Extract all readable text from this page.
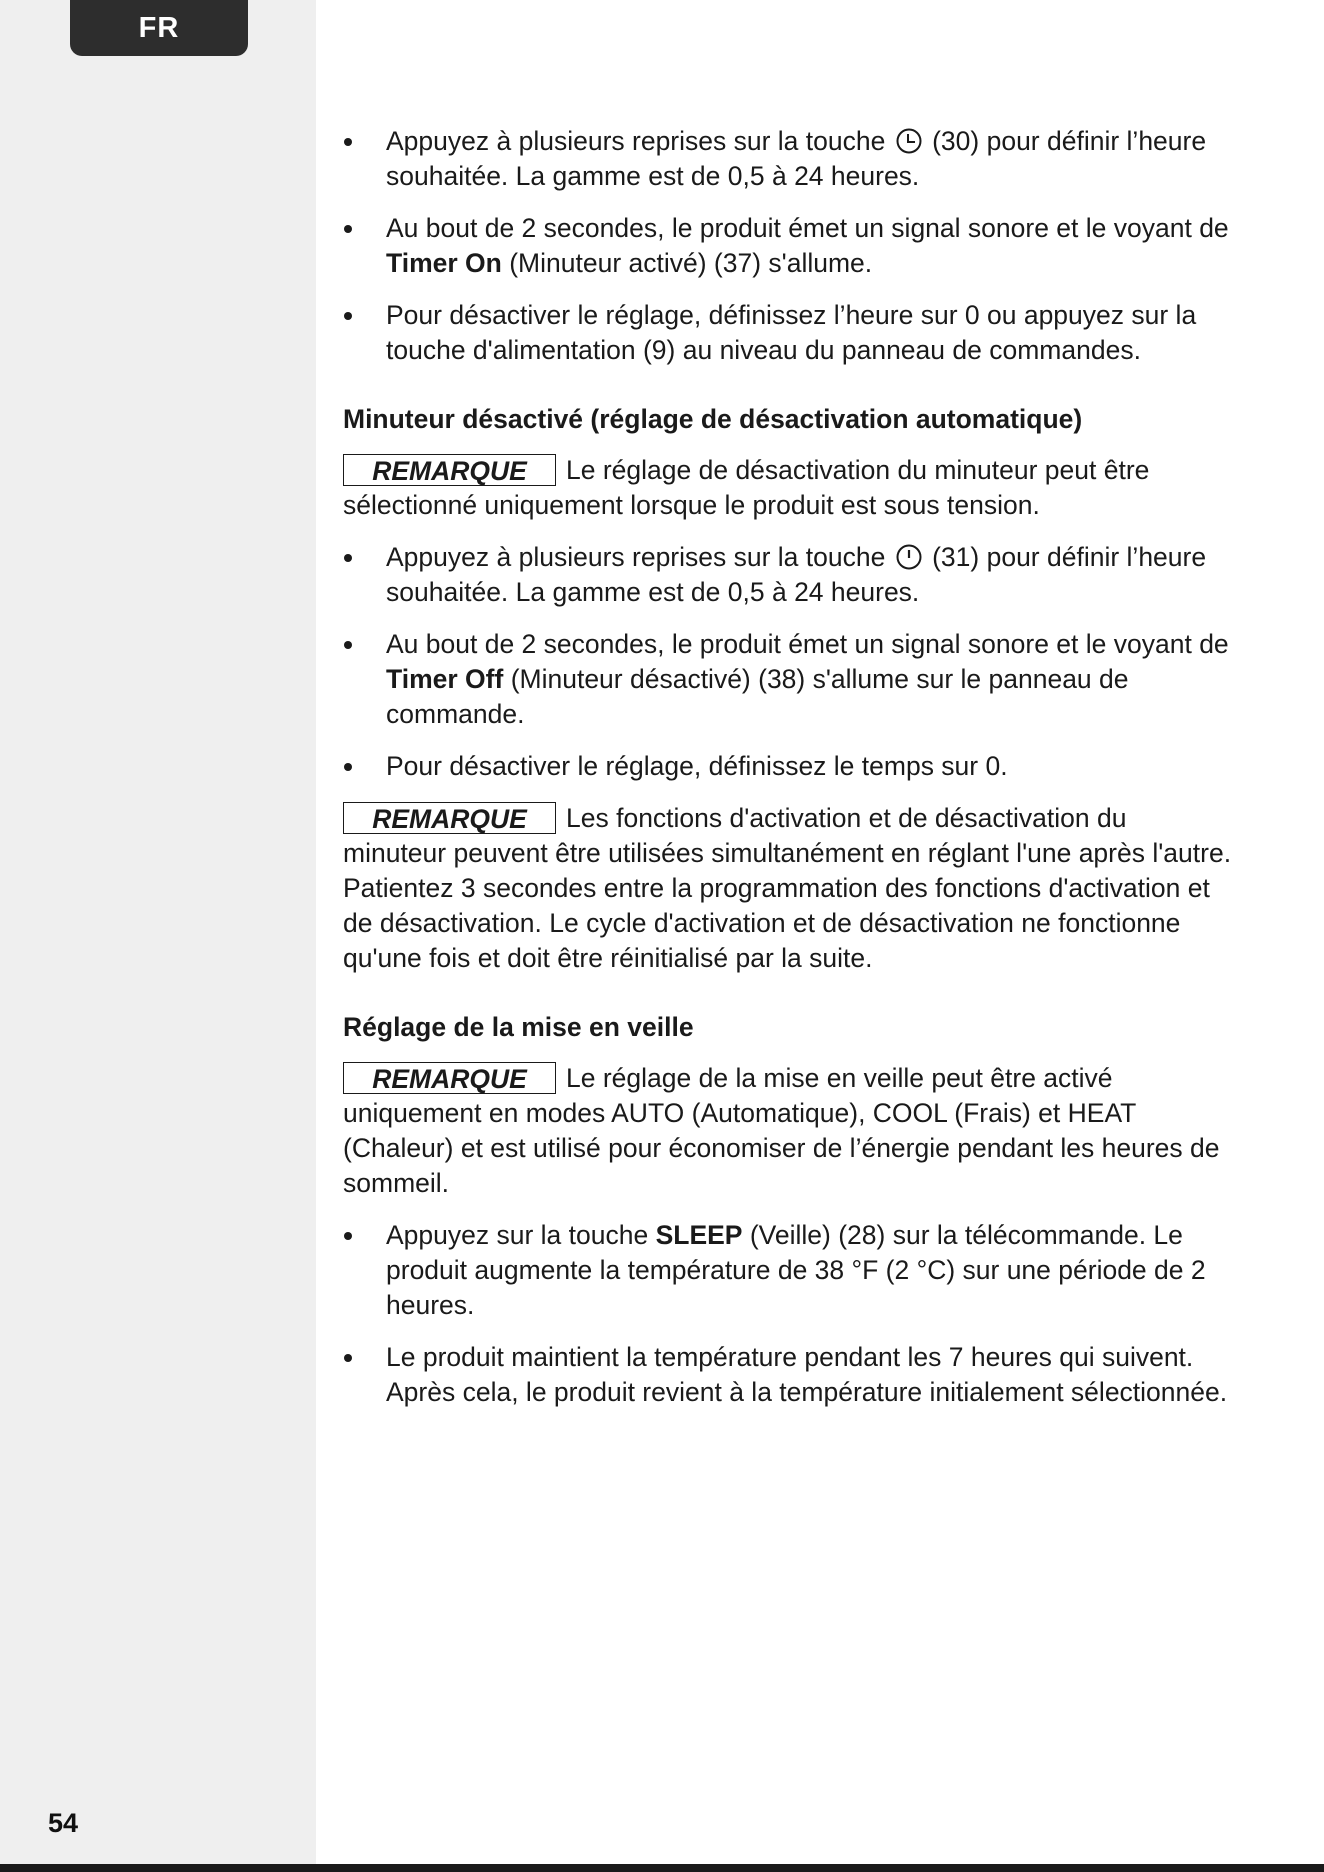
FR
54
Appuyez à plusieurs reprises sur la touche (30) pour définir l’heure souhaitée. La gamme est de 0,5 à 24 heures.
Au bout de 2 secondes, le produit émet un signal sonore et le voyant de Timer On (Minuteur activé) (37) s'allume.
Pour désactiver le réglage, définissez l’heure sur 0 ou appuyez sur la touche d'alimentation (9) au niveau du panneau de commandes.
Minuteur désactivé (réglage de désactivation automatique)
REMARQUE Le réglage de désactivation du minuteur peut être sélectionné uniquement lorsque le produit est sous tension.
Appuyez à plusieurs reprises sur la touche (31) pour définir l’heure souhaitée. La gamme est de 0,5 à 24 heures.
Au bout de 2 secondes, le produit émet un signal sonore et le voyant de Timer Off (Minuteur désactivé) (38) s'allume sur le panneau de commande.
Pour désactiver le réglage, définissez le temps sur 0.
REMARQUE Les fonctions d'activation et de désactivation du minuteur peuvent être utilisées simultanément en réglant l'une après l'autre. Patientez 3 secondes entre la programmation des fonctions d'activation et de désactivation. Le cycle d'activation et de désactivation ne fonctionne qu'une fois et doit être réinitialisé par la suite.
Réglage de la mise en veille
REMARQUE Le réglage de la mise en veille peut être activé uniquement en modes AUTO (Automatique), COOL (Frais) et HEAT (Chaleur) et est utilisé pour économiser de l’énergie pendant les heures de sommeil.
Appuyez sur la touche SLEEP (Veille) (28) sur la télécommande. Le produit augmente la température de 38 °F (2 °C) sur une période de 2 heures.
Le produit maintient la température pendant les 7 heures qui suivent. Après cela, le produit revient à la température initialement sélectionnée.
